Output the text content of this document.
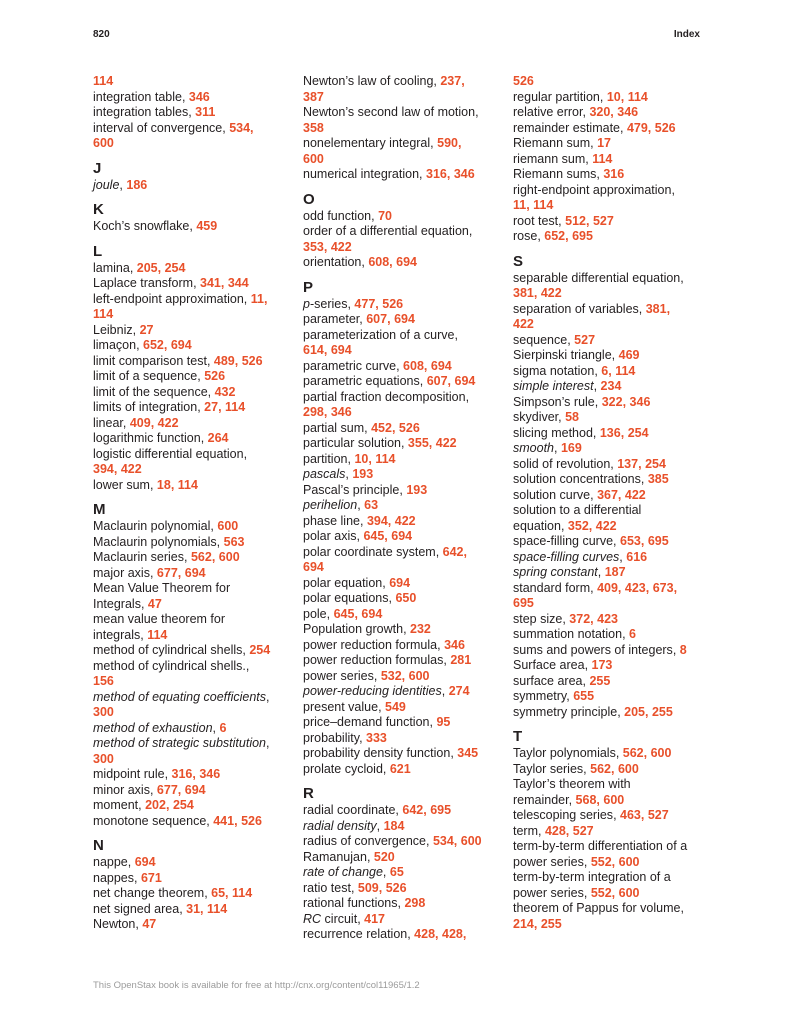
820	Index
114
integration table, 346
integration tables, 311
interval of convergence, 534,
600
J
joule, 186
K
Koch’s snowflake, 459
L
lamina, 205, 254
Laplace transform, 341, 344
left-endpoint approximation, 11,
114
Leibniz, 27
limaçon, 652, 694
limit comparison test, 489, 526
limit of a sequence, 526
limit of the sequence, 432
limits of integration, 27, 114
linear, 409, 422
logarithmic function, 264
logistic differential equation,
394, 422
lower sum, 18, 114
M
Maclaurin polynomial, 600
Maclaurin polynomials, 563
Maclaurin series, 562, 600
major axis, 677, 694
Mean Value Theorem for
Integrals, 47
mean value theorem for
integrals, 114
method of cylindrical shells, 254
method of cylindrical shells.,
156
method of equating coefficients,
300
method of exhaustion, 6
method of strategic substitution,
300
midpoint rule, 316, 346
minor axis, 677, 694
moment, 202, 254
monotone sequence, 441, 526
N
nappe, 694
nappes, 671
net change theorem, 65, 114
net signed area, 31, 114
Newton, 47
Newton’s law of cooling, 237,
387
Newton’s second law of motion,
358
nonelementary integral, 590,
600
numerical integration, 316, 346
O
odd function, 70
order of a differential equation,
353, 422
orientation, 608, 694
P
p-series, 477, 526
parameter, 607, 694
parameterization of a curve,
614, 694
parametric curve, 608, 694
parametric equations, 607, 694
partial fraction decomposition,
298, 346
partial sum, 452, 526
particular solution, 355, 422
partition, 10, 114
pascals, 193
Pascal’s principle, 193
perihelion, 63
phase line, 394, 422
polar axis, 645, 694
polar coordinate system, 642,
694
polar equation, 694
polar equations, 650
pole, 645, 694
Population growth, 232
power reduction formula, 346
power reduction formulas, 281
power series, 532, 600
power-reducing identities, 274
present value, 549
price–demand function, 95
probability, 333
probability density function, 345
prolate cycloid, 621
R
radial coordinate, 642, 695
radial density, 184
radius of convergence, 534, 600
Ramanujan, 520
rate of change, 65
ratio test, 509, 526
rational functions, 298
RC circuit, 417
recurrence relation, 428, 428,
526
regular partition, 10, 114
relative error, 320, 346
remainder estimate, 479, 526
Riemann sum, 17
riemann sum, 114
Riemann sums, 316
right-endpoint approximation,
11, 114
root test, 512, 527
rose, 652, 695
S
separable differential equation,
381, 422
separation of variables, 381,
422
sequence, 527
Sierpinski triangle, 469
sigma notation, 6, 114
simple interest, 234
Simpson’s rule, 322, 346
skydiver, 58
slicing method, 136, 254
smooth, 169
solid of revolution, 137, 254
solution concentrations, 385
solution curve, 367, 422
solution to a differential
equation, 352, 422
space-filling curve, 653, 695
space-filling curves, 616
spring constant, 187
standard form, 409, 423, 673,
695
step size, 372, 423
summation notation, 6
sums and powers of integers, 8
Surface area, 173
surface area, 255
symmetry, 655
symmetry principle, 205, 255
T
Taylor polynomials, 562, 600
Taylor series, 562, 600
Taylor’s theorem with
remainder, 568, 600
telescoping series, 463, 527
term, 428, 527
term-by-term differentiation of a
power series, 552, 600
term-by-term integration of a
power series, 552, 600
theorem of Pappus for volume,
214, 255
This OpenStax book is available for free at http://cnx.org/content/col11965/1.2
